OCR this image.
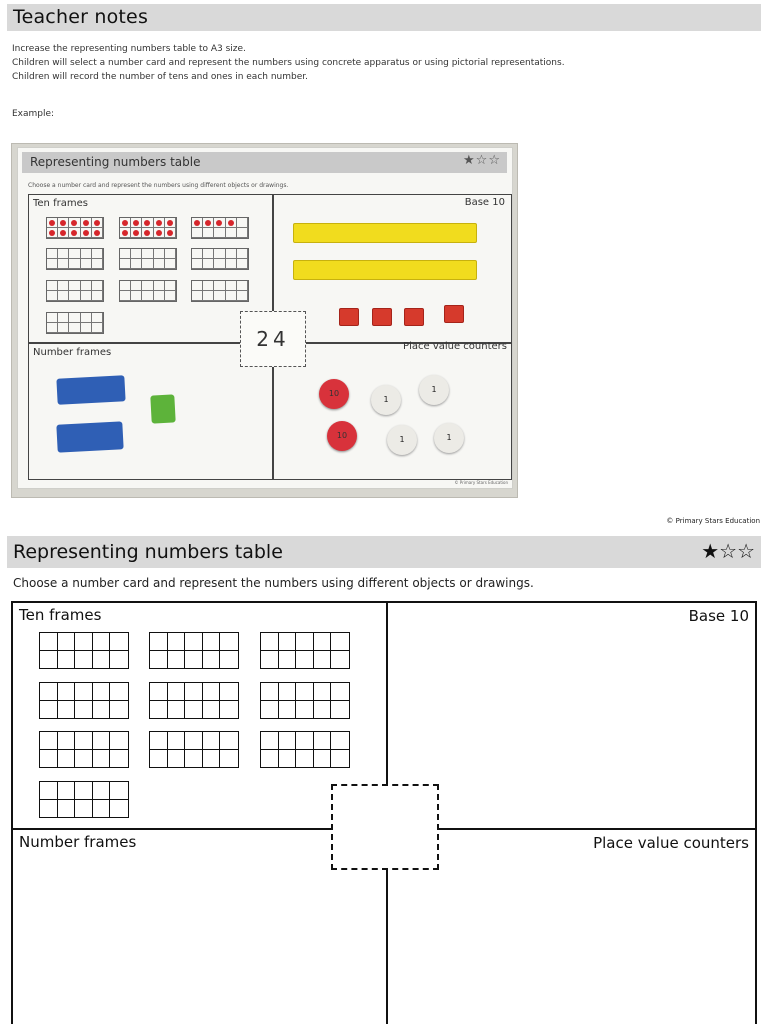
Teacher notes
Increase the representing numbers table to A3 size.
Children will select a number card and represent the numbers using concrete apparatus or using pictorial representations.
Children will record the number of tens and ones in each number.
Example:
Representing numbers table	★☆☆
Choose a number card and represent the numbers using different objects or drawings.
Ten frames	Base 10
Number frames
Place value counters
10
1
1
10	1	1
24
© Primary Stars Education
© Primary Stars Education
Representing numbers table	★☆☆
Choose a number card and represent the numbers using different objects or drawings.
Ten frames	Base 10
Number frames	Place value counters
